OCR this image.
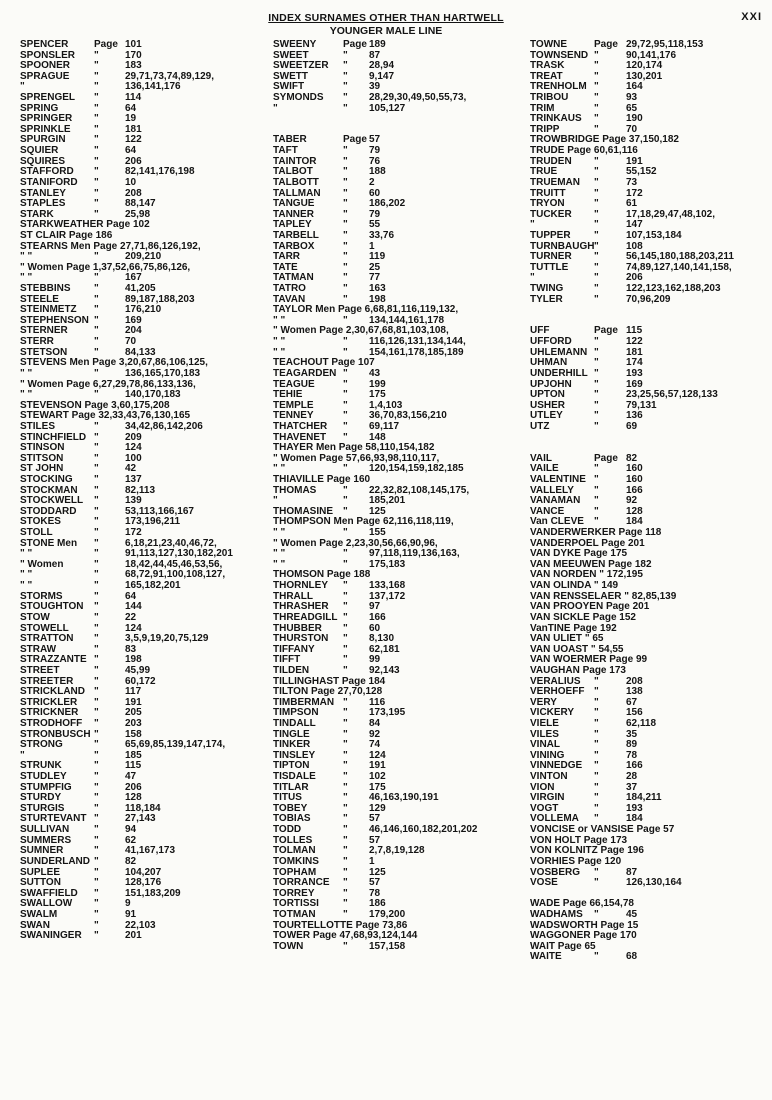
INDEX SURNAMES OTHER THAN HARTWELL	XXI
YOUNGER MALE LINE
SPENCER	Page 101
SPONSLER "	170
SPOONER "	183
SPRAGUE "	29,71,73,74,89,129,
"	"	136,141,176
SPRENGEL "	114
SPRING	"	64
SPRINGER "	19
SPRINKLE "	181
SPURGIN	"	122
SQUIER	"	64
SQUIRES	"	206
STAFFORD "	82,141,176,198
STANIFORD "	10
STANLEY	"	208
STAPLES	"	88,147
STARK	"	25,98
STARKWEATHER Page 102
ST CLAIR Page 186
STEARNS Men Page 27,71,86,126,192,
" "	"	209,210
" Women Page 1,37,52,66,75,86,126,
" "	"	167
STEBBINS "	41,205
STEELE	"	89,187,188,203
STEINMETZ "	176,210
STEPHENSON "	169
STERNER	"	204
STERR	"	70
STETSON	"	84,133
STEVENS Men Page 3,20,67,86,106,125,
" "	"	136,165,170,183
" Women Page 6,27,29,78,86,133,136,
" "	"	140,170,183
STEVENSON Page 3,60,175,208
STEWART Page 32,33,43,76,130,165
STILES	"	34,42,86,142,206
STINCHFIELD "	209
STINSON	"	124
STITSON	"	100
ST JOHN	"	42
STOCKING "	137
STOCKMAN "	82,113
STOCKWELL "	139
STODDARD "	53,113,166,167
STOKES	"	173,196,211
STOLL	"	172
STONE Men "	6,18,21,23,40,46,72,
" "	"	91,113,127,130,182,201
" Women	"	18,42,44,45,46,53,56,
" "	"	68,72,91,100,108,127,
" "	"	165,182,201
STORMS	"	64
STOUGHTON "	144
STOW	"	22
STOWELL	"	124
STRATTON "	3,5,9,19,20,75,129
STRAW	"	83
STRAZZANTE "	198
STREET	"	45,99
STREETER "	60,172
STRICKLAND "	117
STRICKLER "	191
STRICKNER "	205
STRODHOFF "	203
STRONBUSCH "	158
STRONG	"	65,69,85,139,147,174,
"	"	185
STRUNK	"	115
STUDLEY	"	47
STUMPFIG "	206
STURDY	"	128
STURGIS	"	118,184
STURTEVANT "	27,143
SULLIVAN "	94
SUMMERS "	62
SUMNER	"	41,167,173
SUNDERLAND "	82
SUPLEE	"	104,207
SUTTON	"	128,176
SWAFFIELD "	151,183,209
SWALLOW "	9
SWALM	"	91
SWAN	"	22,103
SWANINGER "	201
SWEENY	Page 189
SWEET	" 87
SWEETZER " 28,94
SWETT	" 9,147
SWIFT	" 39
SYMONDS " 28,29,30,49,50,55,73,
"	" 105,127
TABER	Page 57
TAFT	" 79
TAINTOR	" 76
TALBOT	" 188
TALBOTT " 2
TALLMAN " 60
TANGUE	" 186,202
TANNER	" 79
TAPLEY	" 55
TARBELL " 33,76
TARBOX	" 1
TARR	" 119
TATE	" 25
TATMAN	" 77
TATRO	" 163
TAVAN	" 198
TAYLOR Men Page 6,68,81,116,119,132,
" "	" 134,144,161,178
" Women Page 2,30,67,68,81,103,108,
" "	" 116,126,131,134,144,
" "	" 154,161,178,185,189
TEACHOUT Page 107
TEAGARDEN " 43
TEAGUE	" 199
TEHIE	" 175
TEMPLE	" 1,4,103
TENNEY	" 36,70,83,156,210
THATCHER " 69,117
THAVENET " 148
THAYER Men Page 58,110,154,182
" Women Page 57,66,93,98,110,117,
" "	" 120,154,159,182,185
THIAVILLE Page 160
THOMAS	" 22,32,82,108,145,175,
"	" 185,201
THOMASINE " 125
THOMPSON Men Page 62,116,118,119,
" "	" 155
" Women Page 2,23,30,56,66,90,96,
" "	" 97,118,119,136,163,
" "	" 175,183
THOMSON Page 188
THORNLEY " 133,168
THRALL	" 137,172
THRASHER " 97
THREADGILL " 166
THUBBER " 60
THURSTON " 8,130
TIFFANY	" 62,181
TIFFT	" 99
TILDEN	" 92,143
TILLINGHAST Page 184
TILTON Page 27,70,128
TIMBERMAN " 116
TIMPSON " 173,195
TINDALL	" 84
TINGLE	" 92
TINKER	" 74
TINSLEY	" 124
TIPTON	" 191
TISDALE	" 102
TITLAR	" 175
TITUS	" 46,163,190,191
TOBEY	" 129
TOBIAS	" 57
TODD	" 46,146,160,182,201,202
TOLLES	" 57
TOLMAN	" 2,7,8,19,128
TOMKINS " 1
TOPHAM	" 125
TORRANCE " 57
TORREY	" 78
TORTISSI " 186
TOTMAN	" 179,200
TOURTELLOTTE Page 73,86
TOWER Page 47,68,93,124,144
TOWN	" 157,158
TOWNE	Page 29,72,95,118,153
TOWNSEND "	90,141,176
TRASK	"	120,174
TREAT	"	130,201
TRENHOLM "	164
TRIBOU	"	93
TRIM	"	65
TRINKAUS "	190
TRIPP	"	70
TROWBRIDGE Page 37,150,182
TRUDE Page 60,61,116
TRUDEN "	191
TRUE	"	55,152
TRUEMAN "	73
TRUITT	"	172
TRYON	"	61
TUCKER "	17,18,29,47,48,102,
"	"	147
TUPPER "	107,153,184
TURNBAUGH "	108
TURNER "	56,145,180,188,203,211
TUTTLE	"	74,89,127,140,141,158,
"	"	206
TWING	"	122,123,162,188,203
TYLER	"	70,96,209
UFF	Page 115
UFFORD "	122
UHLEMANN "	181
UHMAN	"	174
UNDERHILL "	193
UPJOHN "	169
UPTON	"	23,25,56,57,128,133
USHER	"	79,131
UTLEY	"	136
UTZ	"	69
VAIL	Page 82
VAILE	"	160
VALENTINE "	160
VALLELY "	166
VANAMAN "	92
VANCE	"	128
Van CLEVE "	184
VANDERWERKER Page 118
VANDERPOEL Page 201
VAN DYKE Page 175
VAN MEEUWEN Page 182
VAN NORDEN " 172,195
VAN OLINDA " 149
VAN RENSSELAER " 82,85,139
VAN PROOYEN Page 201
VAN SICKLE Page 152
VanTINE Page 192
VAN ULIET " 65
VAN UOAST " 54,55
VAN WOERMER Page 99
VAUGHAN Page 173
VERALIUS "	208
VERHOEFF "	138
VERY	"	67
VICKERY "	156
VIELE	"	62,118
VILES	"	35
VINAL	"	89
VINING	"	78
VINNEDGE "	166
VINTON	"	28
VION	"	37
VIRGIN	"	184,211
VOGT	"	193
VOLLEMA "	184
VONCISE or VANSISE Page 57
VON HOLT Page 173
VON KOLNITZ Page 196
VORHIES Page 120
VOSBERG "	87
VOSE	"	126,130,164
WADE Page 66,154,78
WADHAMS "	45
WADSWORTH Page 15
WAGGONER Page 170
WAIT Page 65
WAITE	"	68
